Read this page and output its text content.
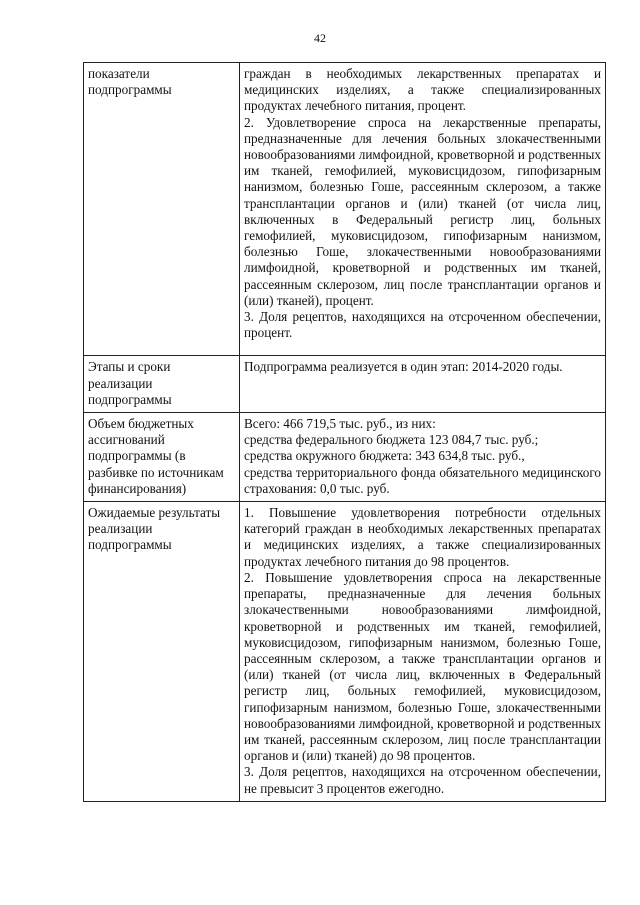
42
показатели подпрограммы	граждан в необходимых лекарственных препаратах и медицинских изделиях, а также специализированных продуктах лечебного питания, процент.
2. Удовлетворение спроса на лекарственные препараты, предназначенные для лечения больных злокачественными новообразованиями лимфоидной, кроветворной и родственных им тканей, гемофилией, муковисцидозом, гипофизарным нанизмом, болезнью Гоше, рассеянным склерозом, а также трансплантации органов и (или) тканей (от числа лиц, включенных в Федеральный регистр лиц, больных гемофилией, муковисцидозом, гипофизарным нанизмом, болезнью Гоше, злокачественными новообразованиями лимфоидной, кроветворной и родственных им тканей, рассеянным склерозом, лиц после трансплантации органов и (или) тканей), процент.
3. Доля рецептов, находящихся на отсроченном обеспечении, процент.

Этапы и сроки реализации подпрограммы	Подпрограмма реализуется в один этап: 2014-2020 годы.

Объем бюджетных ассигнований подпрограммы (в разбивке по источникам финансирования)	Всего: 466 719,5 тыс. руб., из них:
средства федерального бюджета 123 084,7 тыс. руб.;
средства окружного бюджета: 343 634,8 тыс. руб.,
средства территориального фонда обязательного медицинского страхования: 0,0 тыс. руб.

Ожидаемые результаты реализации подпрограммы	1. Повышение удовлетворения потребности отдельных категорий граждан в необходимых лекарственных препаратах и медицинских изделиях, а также специализированных продуктах лечебного питания до 98 процентов.
2. Повышение удовлетворения спроса на лекарственные препараты, предназначенные для лечения больных злокачественными новообразованиями лимфоидной, кроветворной и родственных им тканей, гемофилией, муковисцидозом, гипофизарным нанизмом, болезнью Гоше, рассеянным склерозом, а также трансплантации органов и (или) тканей (от числа лиц, включенных в Федеральный регистр лиц, больных гемофилией, муковисцидозом, гипофизарным нанизмом, болезнью Гоше, злокачественными новообразованиями лимфоидной, кроветворной и родственных им тканей, рассеянным склерозом, лиц после трансплантации органов и (или) тканей) до 98 процентов.
3. Доля рецептов, находящихся на отсроченном обеспечении, не превысит 3 процентов ежегодно.
